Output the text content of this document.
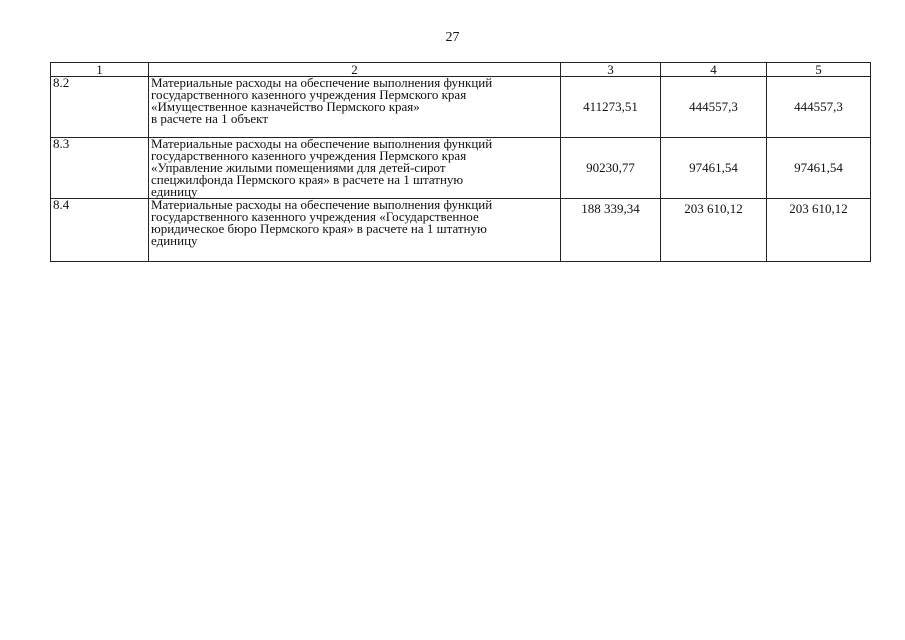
27
1	2	3	4	5
8.2	Материальные расходы на обеспечение выполнения функций
государственного казенного учреждения Пермского края
«Имущественное казначейство Пермского края»
в расчете на 1 объект	411273,51	444557,3	444557,3
8.3	Материальные расходы на обеспечение выполнения функций
государственного казенного учреждения Пермского края
«Управление жилыми помещениями для детей-сирот
спецжилфонда Пермского края» в расчете на 1 штатную
единицу	90230,77	97461,54	97461,54
8.4	Материальные расходы на обеспечение выполнения функций
государственного казенного учреждения «Государственное
юридическое бюро Пермского края» в расчете на 1 штатную
единицу	188 339,34	203 610,12	203 610,12
